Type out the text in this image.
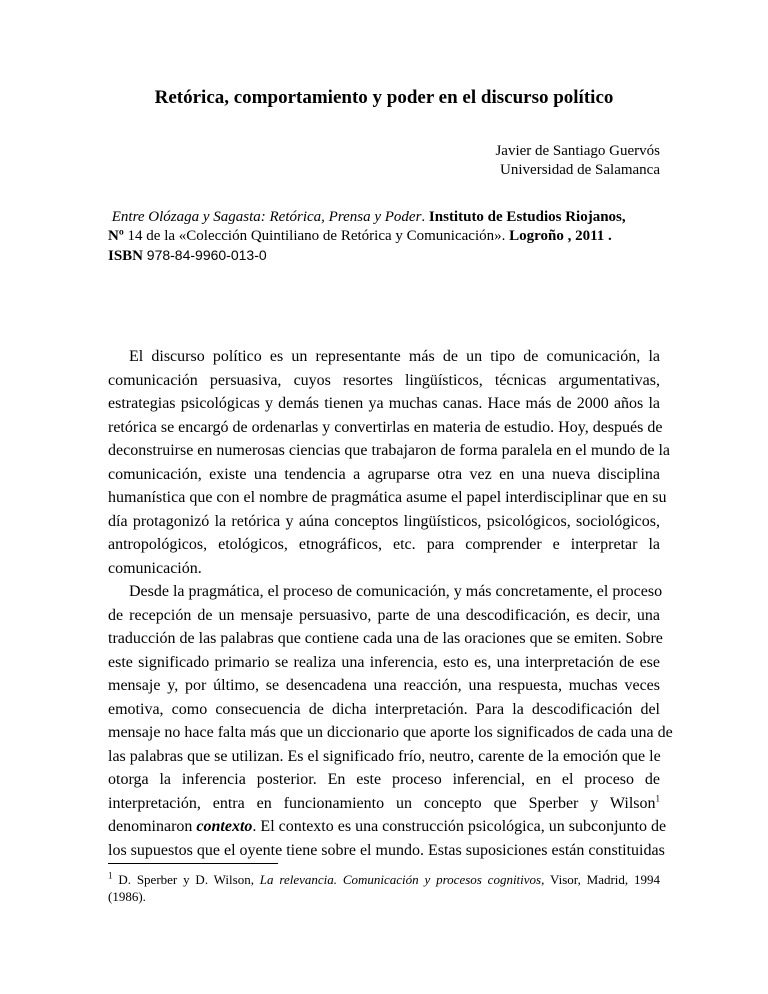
Retórica, comportamiento y poder en el discurso político
Javier de Santiago Guervós
Universidad de Salamanca
Entre Olózaga y Sagasta: Retórica, Prensa y Poder. Instituto de Estudios Riojanos,
Nº 14 de la «Colección Quintiliano de Retórica y Comunicación». Logroño , 2011 .
ISBN 978-84-9960-013-0
El discurso político es un representante más de un tipo de comunicación, la
comunicación persuasiva, cuyos resortes lingüísticos, técnicas argumentativas,
estrategias psicológicas y demás tienen ya muchas canas. Hace más de 2000 años la
retórica se encargó de ordenarlas y convertirlas en materia de estudio. Hoy, después de
deconstruirse en numerosas ciencias que trabajaron de forma paralela en el mundo de la
comunicación, existe una tendencia a agruparse otra vez en una nueva disciplina
humanística que con el nombre de pragmática asume el papel interdisciplinar que en su
día protagonizó la retórica y aúna conceptos lingüísticos, psicológicos, sociológicos,
antropológicos, etológicos, etnográficos, etc. para comprender e interpretar la
comunicación.
Desde la pragmática, el proceso de comunicación, y más concretamente, el proceso
de recepción de un mensaje persuasivo, parte de una descodificación, es decir, una
traducción de las palabras que contiene cada una de las oraciones que se emiten. Sobre
este significado primario se realiza una inferencia, esto es, una interpretación de ese
mensaje y, por último, se desencadena una reacción, una respuesta, muchas veces
emotiva, como consecuencia de dicha interpretación. Para la descodificación del
mensaje no hace falta más que un diccionario que aporte los significados de cada una de
las palabras que se utilizan. Es el significado frío, neutro, carente de la emoción que le
otorga la inferencia posterior. En este proceso inferencial, en el proceso de
interpretación, entra en funcionamiento un concepto que Sperber y Wilson$^1$
denominaron contexto. El contexto es una construcción psicológica, un subconjunto de
los supuestos que el oyente tiene sobre el mundo. Estas suposiciones están constituidas
$^1$ D. Sperber y D. Wilson, La relevancia. Comunicación y procesos cognitivos, Visor, Madrid, 1994
(1986).
